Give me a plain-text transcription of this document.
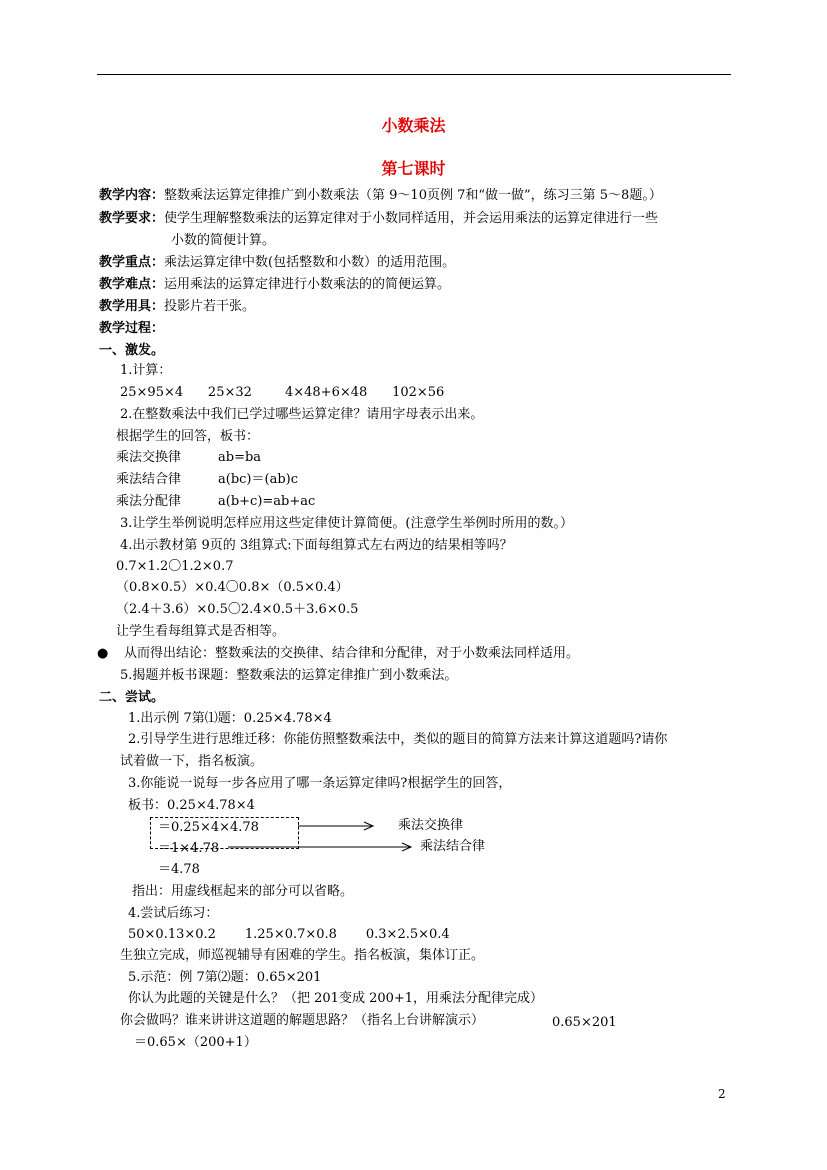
小数乘法
第七课时
教学内容：整数乘法运算定律推广到小数乘法（第 9～10页例 7和“做一做”，练习三第 5～8题。）
教学要求：使学生理解整数乘法的运算定律对于小数同样适用，并会运用乘法的运算定律进行一些
小数的简便计算。
教学重点：乘法运算定律中数(包括整数和小数）的适用范围。
教学难点：运用乘法的运算定律进行小数乘法的的简便运算。
教学用具：投影片若干张。
教学过程：
一、激发。
1.计算：
25×95×4      25×32        4×48+6×48      102×56
2.在整数乘法中我们已学过哪些运算定律？请用字母表示出来。
根据学生的回答，板书：
乘法交换律	ab=ba
乘法结合律	a(bc)＝(ab)c
乘法分配律	a(b+c)=ab+ac
3.让学生举例说明怎样应用这些定律使计算简便。(注意学生举例时所用的数。）
4.出示教材第 9页的 3组算式:下面每组算式左右两边的结果相等吗？
0.7×1.2〇1.2×0.7
（0.8×0.5）×0.4〇0.8×（0.5×0.4）
（2.4＋3.6）×0.5〇2.4×0.5＋3.6×0.5
让学生看每组算式是否相等。
● 从而得出结论：整数乘法的交换律、结合律和分配律，对于小数乘法同样适用。
5.揭题并板书课题：整数乘法的运算定律推广到小数乘法。
二、尝试。
1.出示例 7第⑴题：0.25×4.78×4
2.引导学生进行思维迁移：你能仿照整数乘法中，类似的题目的简算方法来计算这道题吗?请你
试着做一下，指名板演。
3.你能说一说每一步各应用了哪一条运算定律吗?根据学生的回答，
板书：0.25×4.78×4
＝0.25×4×4.78
＝1×4.78
＝4.78
乘法交换律
乘法结合律
指出：用虚线框起来的部分可以省略。
4.尝试后练习：
50×0.13×0.2       1.25×0.7×0.8       0.3×2.5×0.4
生独立完成，师巡视辅导有困难的学生。指名板演，集体订正。
5.示范：例 7第⑵题：0.65×201
你认为此题的关键是什么？（把 201变成 200+1，用乘法分配律完成）
你会做吗？谁来讲讲这道题的解题思路？（指名上台讲解演示）	0.65×201
＝0.65×（200+1）
2
